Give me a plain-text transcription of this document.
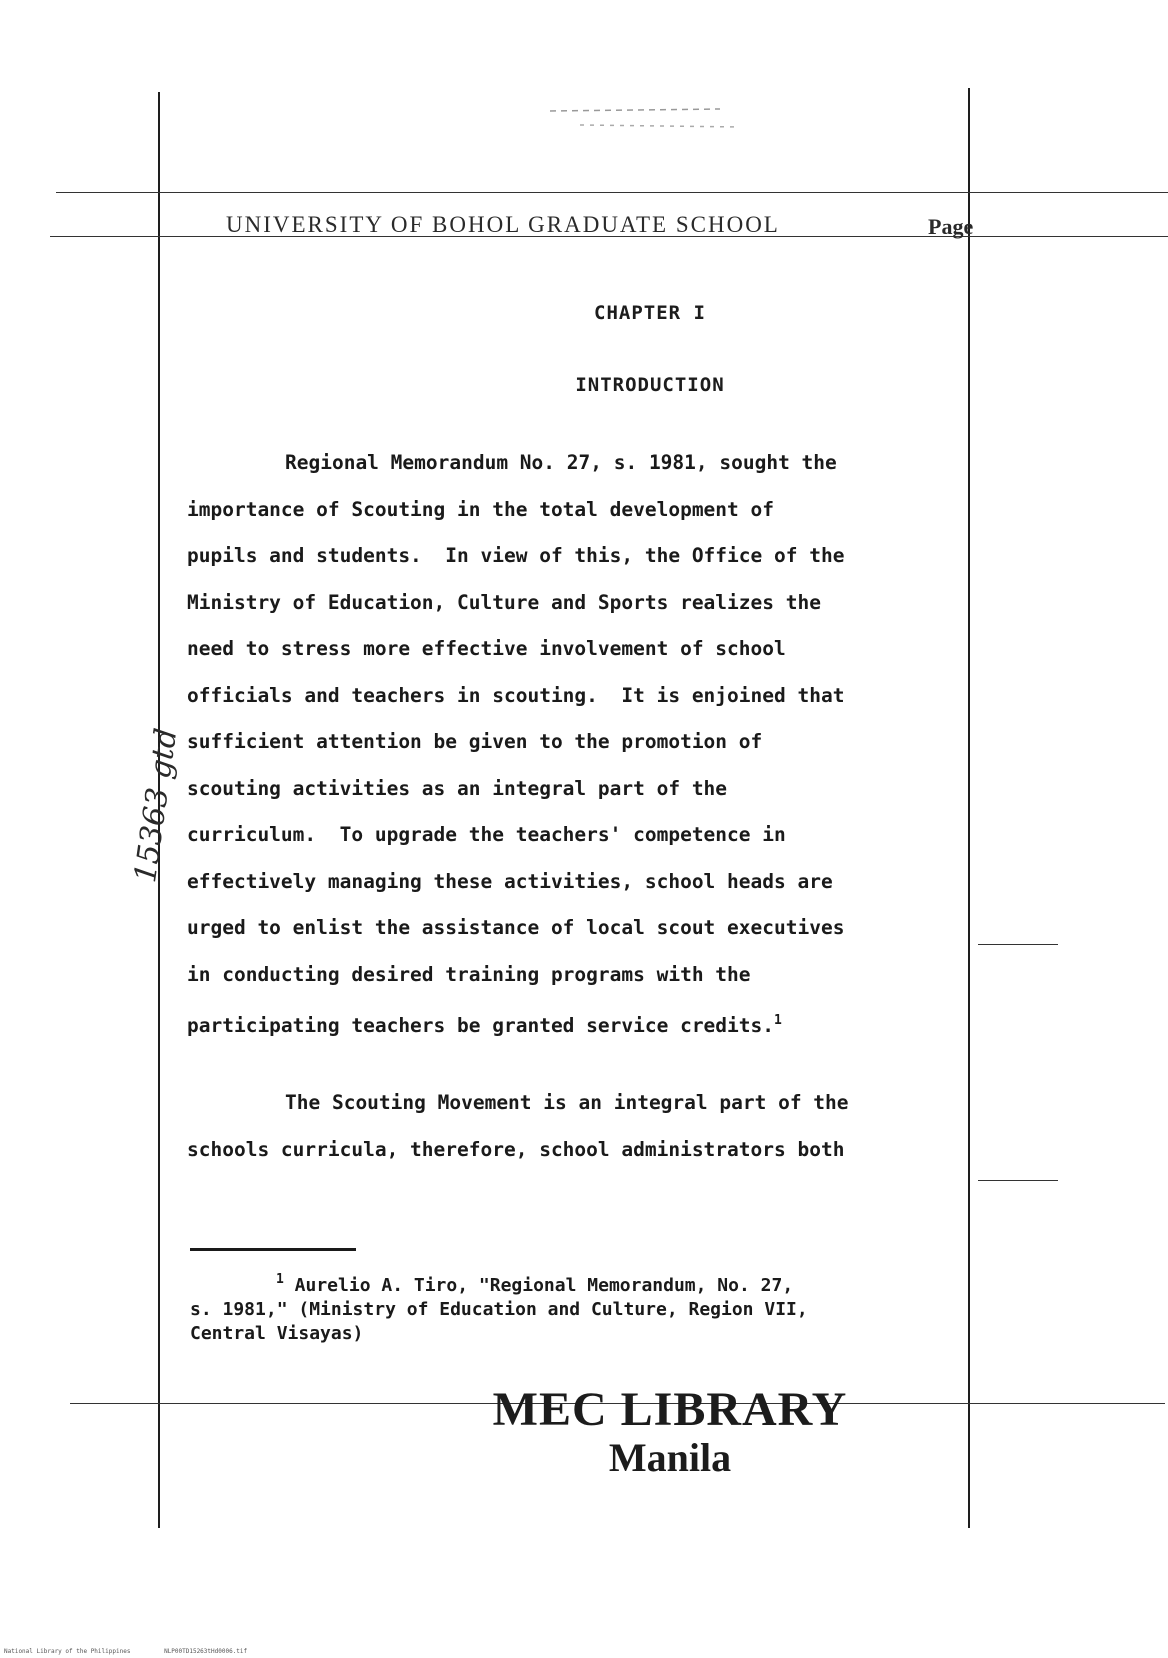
UNIVERSITY OF BOHOL GRADUATE SCHOOL	Page
CHAPTER I
INTRODUCTION
Regional Memorandum No. 27, s. 1981, sought the
importance of Scouting in the total development of
pupils and students.  In view of this, the Office of the
Ministry of Education, Culture and Sports realizes the
need to stress more effective involvement of school
officials and teachers in scouting.  It is enjoined that
sufficient attention be given to the promotion of
scouting activities as an integral part of the
curriculum.  To upgrade the teachers' competence in
effectively managing these activities, school heads are
urged to enlist the assistance of local scout executives
in conducting desired training programs with the
participating teachers be granted service credits.$^1$
The Scouting Movement is an integral part of the
schools curricula, therefore, school administrators both
$^1$ Aurelio A. Tiro, "Regional Memorandum, No. 27,
s. 1981," (Ministry of Education and Culture, Region VII,
Central Visayas)
MEC LIBRARY
Manila
15363 gtd
National Library of the Philippines	NLP00TD15263tHd0006.tif
